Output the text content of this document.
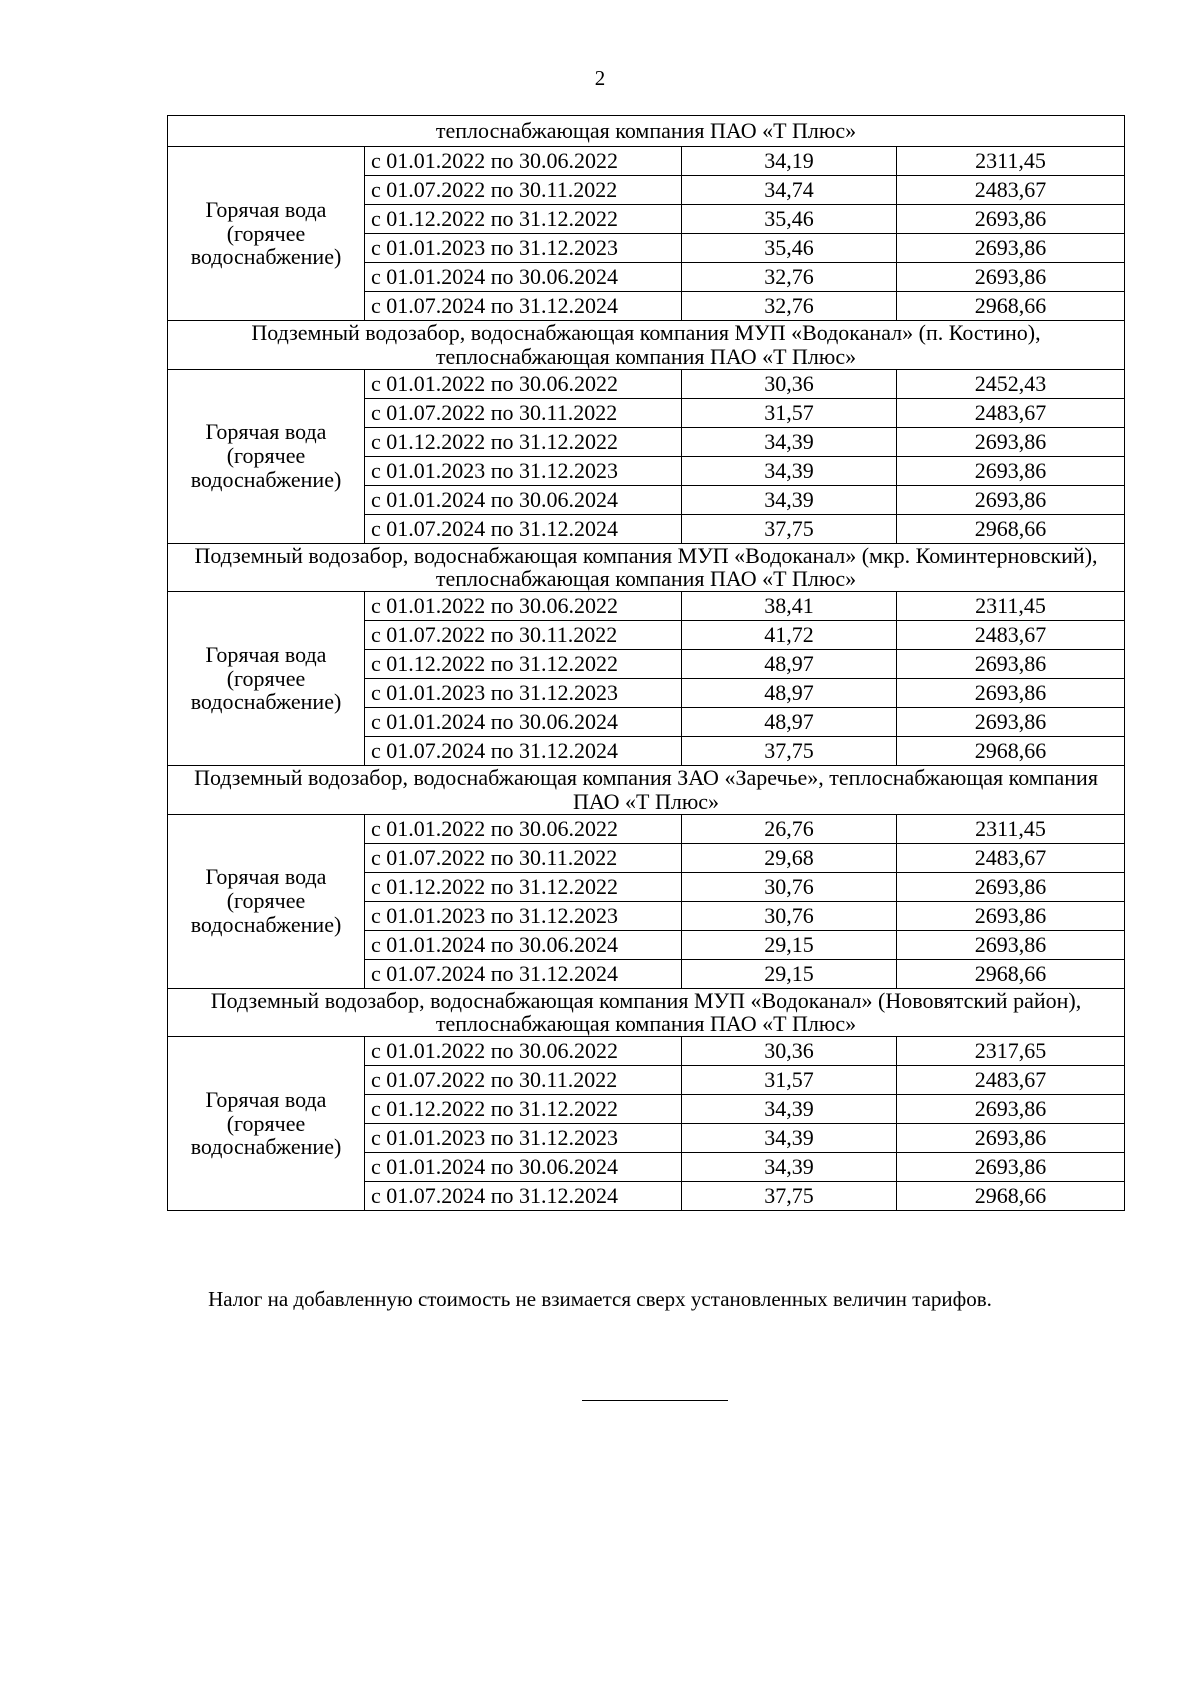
2
теплоснабжающая компания ПАО «Т Плюс»			
Горячая вода (горячее водоснабжение)	с 01.01.2022 по 30.06.2022	34,19	2311,45
	с 01.07.2022 по 30.11.2022	34,74	2483,67
	с 01.12.2022 по 31.12.2022	35,46	2693,86
	с 01.01.2023 по 31.12.2023	35,46	2693,86
	с 01.01.2024 по 30.06.2024	32,76	2693,86
	с 01.07.2024 по 31.12.2024	32,76	2968,66
Подземный водозабор, водоснабжающая компания МУП «Водоканал» (п. Костино), теплоснабжающая компания ПАО «Т Плюс»			
Горячая вода (горячее водоснабжение)	с 01.01.2022 по 30.06.2022	30,36	2452,43
	с 01.07.2022 по 30.11.2022	31,57	2483,67
	с 01.12.2022 по 31.12.2022	34,39	2693,86
	с 01.01.2023 по 31.12.2023	34,39	2693,86
	с 01.01.2024 по 30.06.2024	34,39	2693,86
	с 01.07.2024 по 31.12.2024	37,75	2968,66
Подземный водозабор, водоснабжающая компания МУП «Водоканал» (мкр. Коминтерновский), теплоснабжающая компания ПАО «Т Плюс»			
Горячая вода (горячее водоснабжение)	с 01.01.2022 по 30.06.2022	38,41	2311,45
	с 01.07.2022 по 30.11.2022	41,72	2483,67
	с 01.12.2022 по 31.12.2022	48,97	2693,86
	с 01.01.2023 по 31.12.2023	48,97	2693,86
	с 01.01.2024 по 30.06.2024	48,97	2693,86
	с 01.07.2024 по 31.12.2024	37,75	2968,66
Подземный водозабор, водоснабжающая компания ЗАО «Заречье», теплоснабжающая компания ПАО «Т Плюс»			
Горячая вода (горячее водоснабжение)	с 01.01.2022 по 30.06.2022	26,76	2311,45
	с 01.07.2022 по 30.11.2022	29,68	2483,67
	с 01.12.2022 по 31.12.2022	30,76	2693,86
	с 01.01.2023 по 31.12.2023	30,76	2693,86
	с 01.01.2024 по 30.06.2024	29,15	2693,86
	с 01.07.2024 по 31.12.2024	29,15	2968,66
Подземный водозабор, водоснабжающая компания МУП «Водоканал» (Нововятский район), теплоснабжающая компания ПАО «Т Плюс»			
Горячая вода (горячее водоснабжение)	с 01.01.2022 по 30.06.2022	30,36	2317,65
	с 01.07.2022 по 30.11.2022	31,57	2483,67
	с 01.12.2022 по 31.12.2022	34,39	2693,86
	с 01.01.2023 по 31.12.2023	34,39	2693,86
	с 01.01.2024 по 30.06.2024	34,39	2693,86
	с 01.07.2024 по 31.12.2024	37,75	2968,66
Налог на добавленную стоимость не взимается сверх установленных величин тарифов.
